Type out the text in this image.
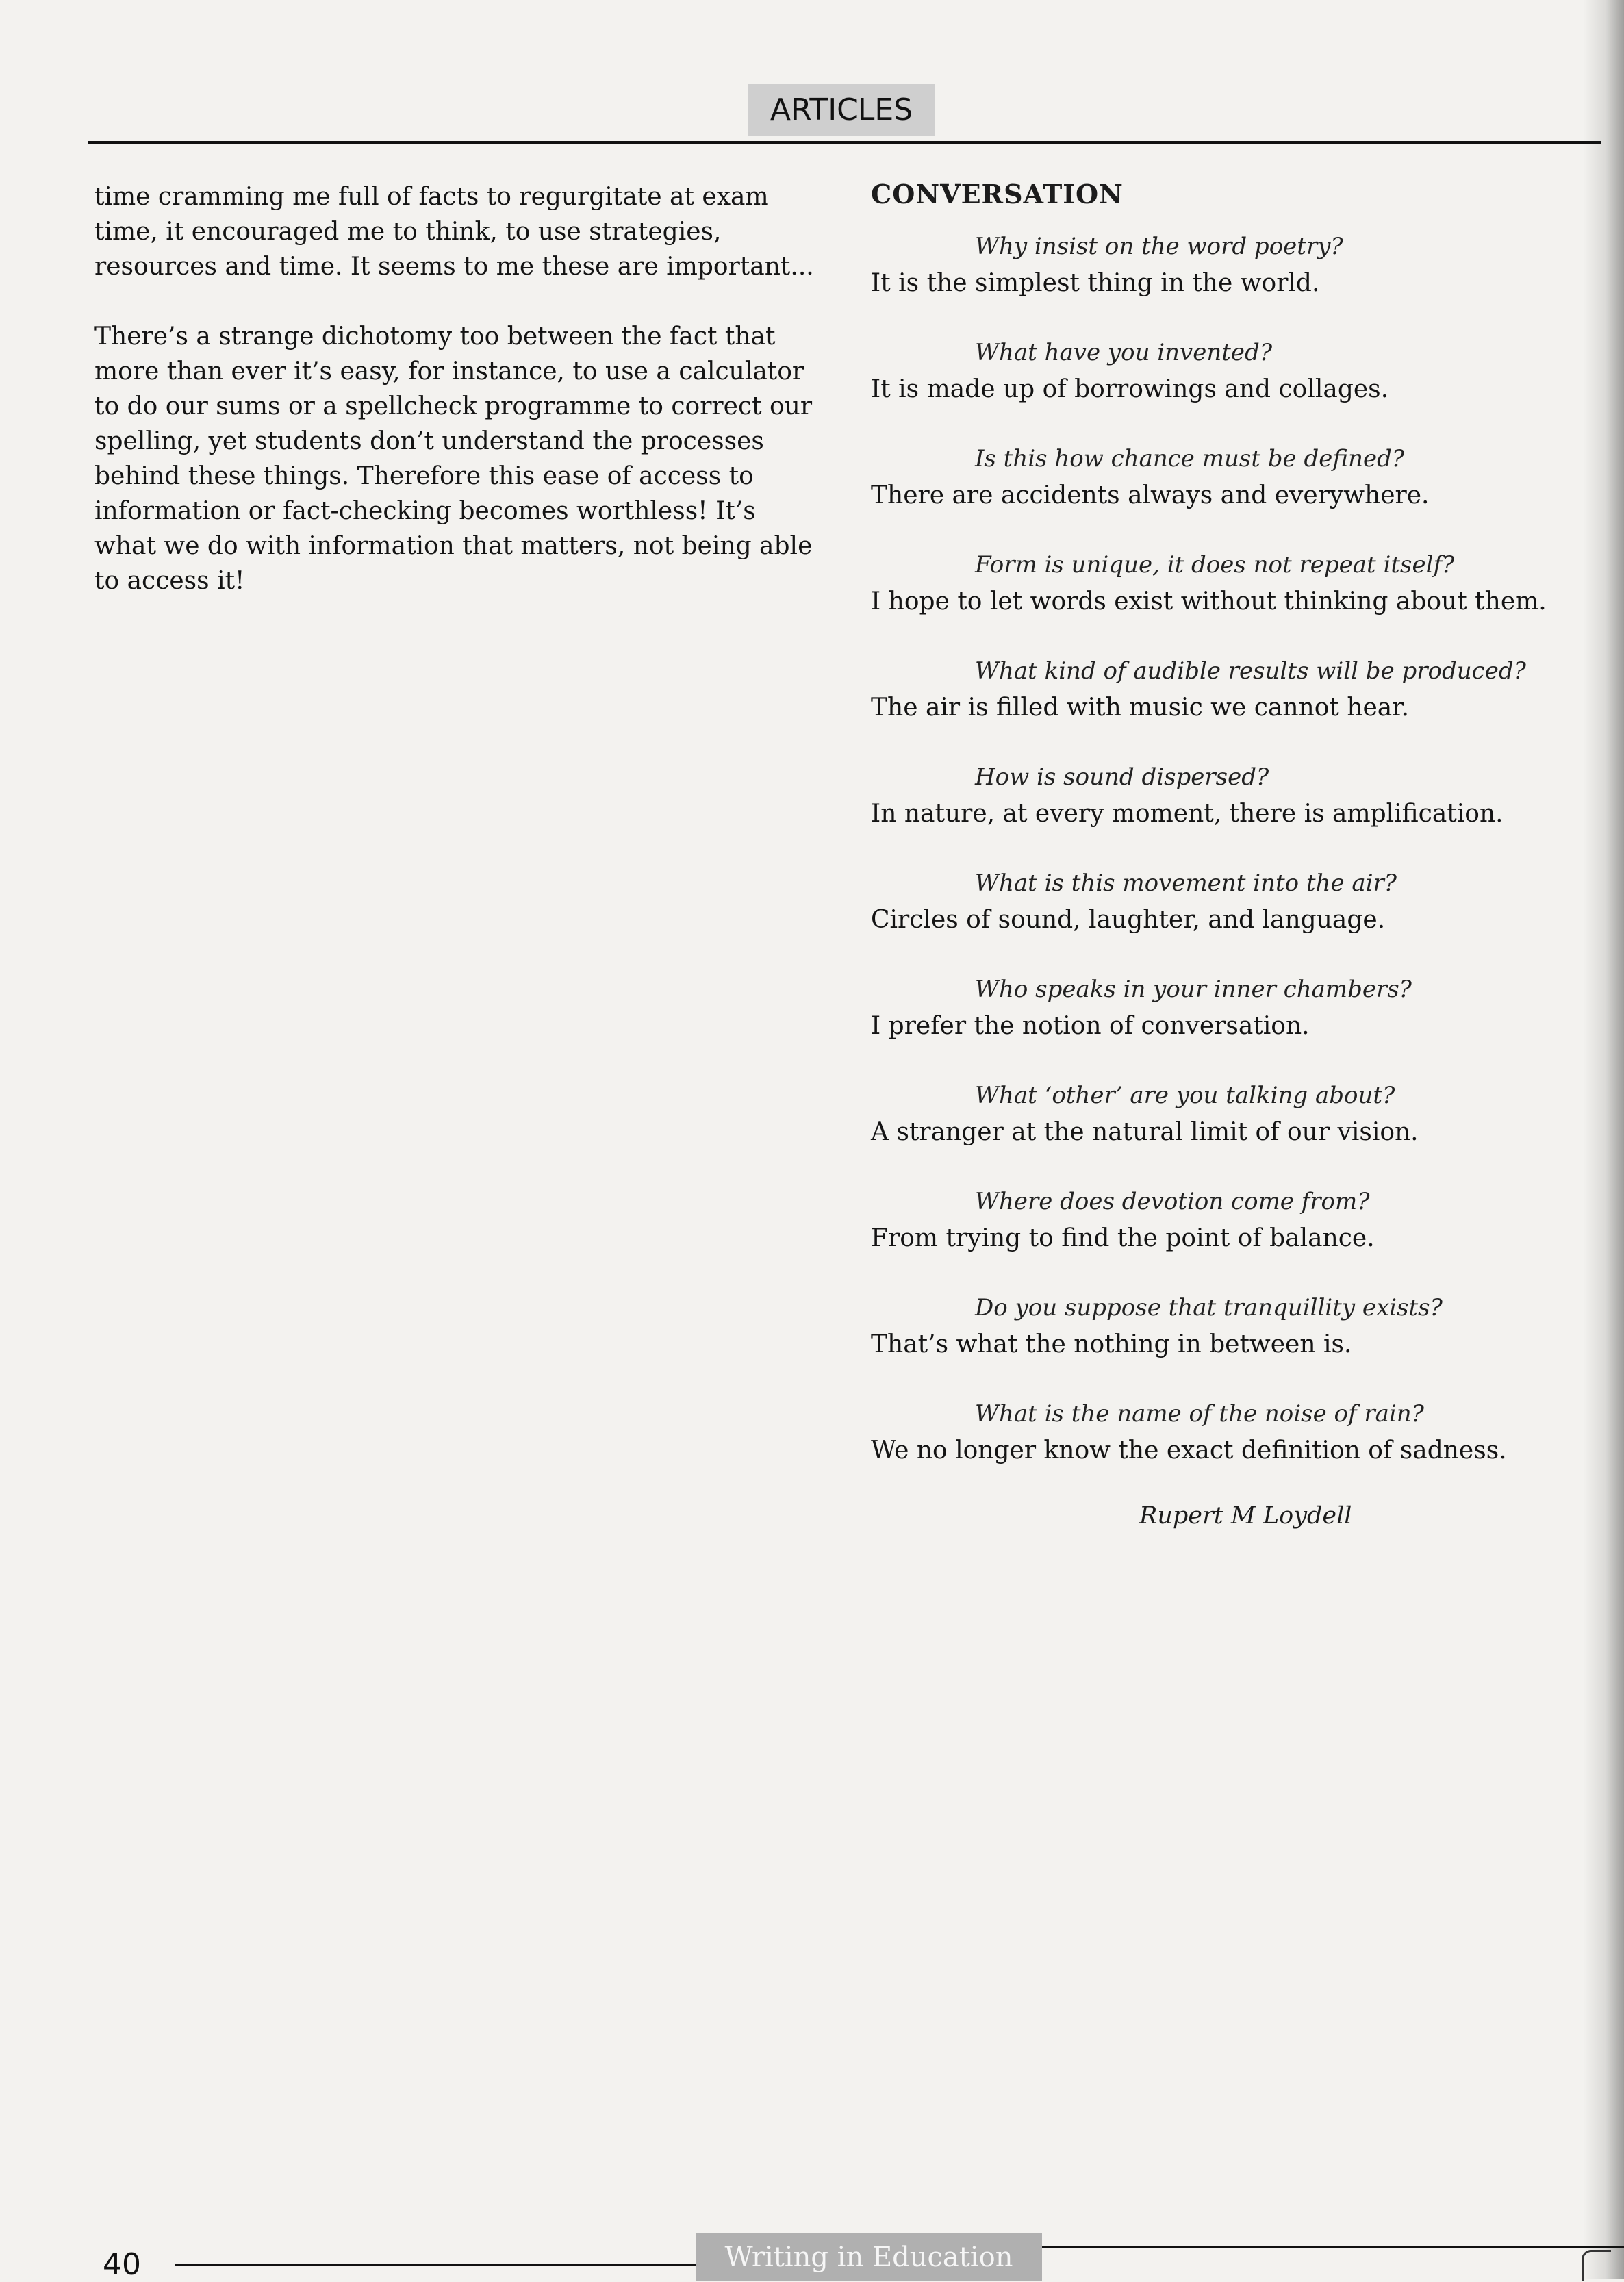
ARTICLES

time cramming me full of facts to regurgitate at exam time, it encouraged me to think, to use strategies, resources and time. It seems to me these are important...

There’s a strange dichotomy too between the fact that more than ever it’s easy, for instance, to use a calculator to do our sums or a spellcheck programme to correct our spelling, yet students don’t understand the processes behind these things. Therefore this ease of access to information or fact-checking becomes worthless! It’s what we do with information that matters, not being able to access it!

CONVERSATION

Why insist on the word poetry?

It is the simplest thing in the world.

What have you invented?

It is made up of borrowings and collages.

Is this how chance must be defined?

There are accidents always and everywhere.

Form is unique, it does not repeat itself?

I hope to let words exist without thinking about them.

What kind of audible results will be produced?

The air is filled with music we cannot hear.

How is sound dispersed?

In nature, at every moment, there is amplification.

What is this movement into the air?

Circles of sound, laughter, and language.

Who speaks in your inner chambers?

I prefer the notion of conversation.

What ‘other’ are you talking about?

A stranger at the natural limit of our vision.

Where does devotion come from?

From trying to find the point of balance.

Do you suppose that tranquillity exists?

That’s what the nothing in between is.

What is the name of the noise of rain?

We no longer know the exact definition of sadness.

Rupert M Loydell

40	Writing in Education
